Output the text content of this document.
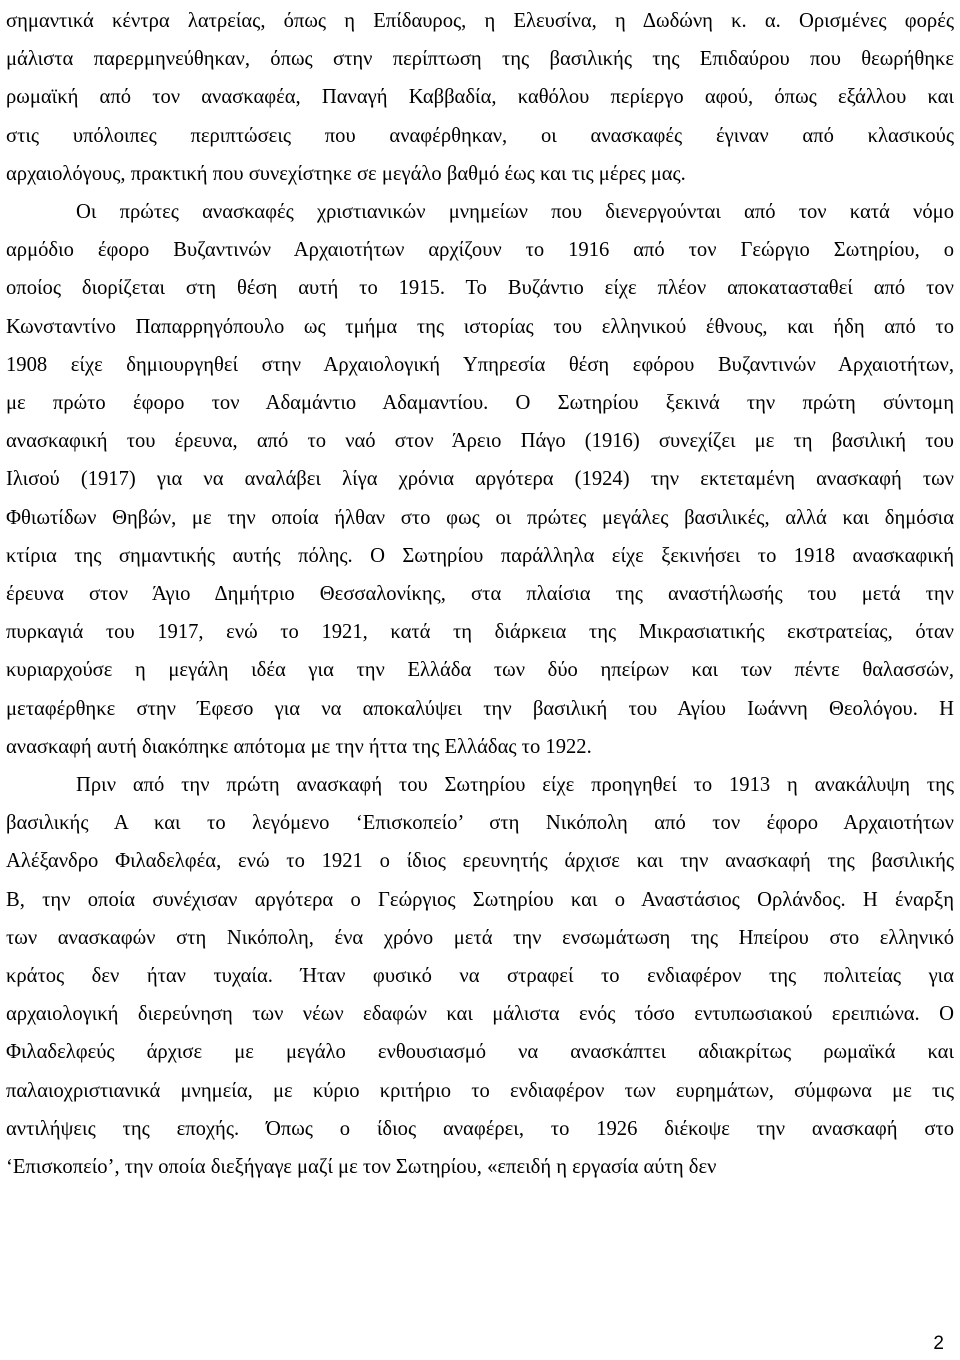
σημαντικά κέντρα λατρείας, όπως η Επίδαυρος, η Ελευσίνα, η Δωδώνη κ. α. Ορισμένες φορές
μάλιστα παρερμηνεύθηκαν, όπως στην περίπτωση της βασιλικής της Επιδαύρου που θεωρήθηκε
ρωμαϊκή από τον ανασκαφέα, Παναγή Καββαδία, καθόλου περίεργο αφού, όπως εξάλλου και
στις υπόλοιπες περιπτώσεις που αναφέρθηκαν, οι ανασκαφές έγιναν από κλασικούς
αρχαιολόγους, πρακτική που συνεχίστηκε σε μεγάλο βαθμό έως και τις μέρες μας.
Οι πρώτες ανασκαφές χριστιανικών μνημείων που διενεργούνται από τον κατά νόμο
αρμόδιο έφορο Βυζαντινών Αρχαιοτήτων αρχίζουν το 1916 από τον Γεώργιο Σωτηρίου, ο
οποίος διορίζεται στη θέση αυτή το 1915. Το Βυζάντιο είχε πλέον αποκατασταθεί από τον
Κωνσταντίνο Παπαρρηγόπουλο ως τμήμα της ιστορίας του ελληνικού έθνους, και ήδη από το
1908 είχε δημιουργηθεί στην Αρχαιολογική Υπηρεσία θέση εφόρου Βυζαντινών Αρχαιοτήτων,
με πρώτο έφορο τον Αδαμάντιο Αδαμαντίου. Ο Σωτηρίου ξεκινά την πρώτη σύντομη
ανασκαφική του έρευνα, από το ναό στον Άρειο Πάγο (1916) συνεχίζει με τη βασιλική του
Ιλισού (1917) για να αναλάβει λίγα χρόνια αργότερα (1924) την εκτεταμένη ανασκαφή των
Φθιωτίδων Θηβών, με την οποία ήλθαν στο φως οι πρώτες μεγάλες βασιλικές, αλλά και δημόσια
κτίρια της σημαντικής αυτής πόλης. Ο Σωτηρίου παράλληλα είχε ξεκινήσει το 1918 ανασκαφική
έρευνα στον Άγιο Δημήτριο Θεσσαλονίκης, στα πλαίσια της αναστήλωσής του μετά την
πυρκαγιά του 1917, ενώ το 1921, κατά τη διάρκεια της Μικρασιατικής εκστρατείας, όταν
κυριαρχούσε η μεγάλη ιδέα για την Ελλάδα των δύο ηπείρων και των πέντε θαλασσών,
μεταφέρθηκε στην Έφεσο για να αποκαλύψει την βασιλική του Αγίου Ιωάννη Θεολόγου. Η
ανασκαφή αυτή διακόπηκε απότομα με την ήττα της Ελλάδας το 1922.
Πριν από την πρώτη ανασκαφή του Σωτηρίου είχε προηγηθεί το 1913 η ανακάλυψη της
βασιλικής Α και το λεγόμενο ‘Επισκοπείο’ στη Νικόπολη από τον έφορο Αρχαιοτήτων
Αλέξανδρο Φιλαδελφέα, ενώ το 1921 ο ίδιος ερευνητής άρχισε και την ανασκαφή της βασιλικής
Β, την οποία συνέχισαν αργότερα ο Γεώργιος Σωτηρίου και ο Αναστάσιος Ορλάνδος. Η έναρξη
των ανασκαφών στη Νικόπολη, ένα χρόνο μετά την ενσωμάτωση της Ηπείρου στο ελληνικό
κράτος δεν ήταν τυχαία. Ήταν φυσικό να στραφεί το ενδιαφέρον της πολιτείας για
αρχαιολογική διερεύνηση των νέων εδαφών και μάλιστα ενός τόσο εντυπωσιακού ερειπιώνα. Ο
Φιλαδελφεύς άρχισε με μεγάλο ενθουσιασμό να ανασκάπτει αδιακρίτως ρωμαϊκά και
παλαιοχριστιανικά μνημεία, με κύριο κριτήριο το ενδιαφέρον των ευρημάτων, σύμφωνα με τις
αντιλήψεις της εποχής. Όπως ο ίδιος αναφέρει, το 1926 διέκοψε την ανασκαφή στο
‘Επισκοπείο’, την οποία διεξήγαγε μαζί με τον Σωτηρίου, «επειδή η εργασία αύτη δεν
2
